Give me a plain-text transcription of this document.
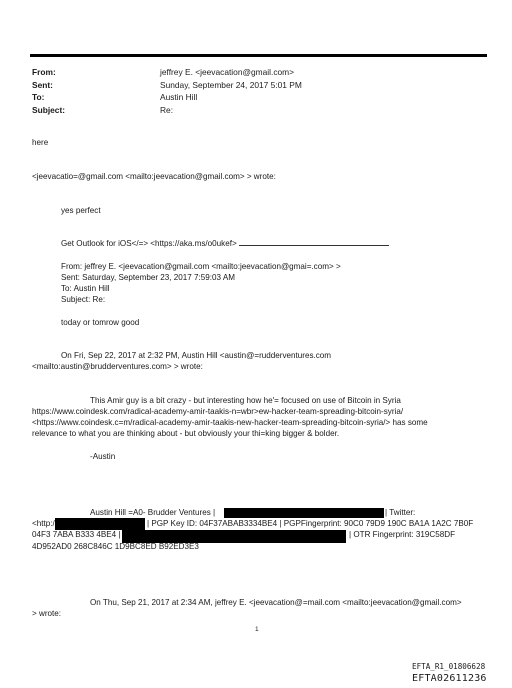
From:	jeffrey E. <jeevacation@gmail.com>
Sent:	Sunday, September 24, 2017 5:01 PM
To:	Austin Hill
Subject:	Re:
here
<jeevacatio=@gmail.com <mailto:jeevacation@gmail.com> > wrote:
yes perfect
Get Outlook for iOS</=> <https://aka.ms/o0ukef>
From: jeffrey E. <jeevacation@gmail.com <mailto:jeevacation@gmai=.com> >
Sent: Saturday, September 23, 2017 7:59:03 AM
To: Austin Hill
Subject: Re:
today or tomrow good
On Fri, Sep 22, 2017 at 2:32 PM, Austin Hill <austin@=rudderventures.com
<mailto:austin@brudderventures.com> > wrote:
This Amir guy is a bit crazy - but interesting how he'= focused on use of Bitcoin in Syria
https://www.coindesk.com/radical-academy-amir-taakis-n=wbr>ew-hacker-team-spreading-bitcoin-syria/
<https://www.coindesk.c=m/radical-academy-amir-taakis-new-hacker-team-spreading-bitcoin-syria/> has some
relevance to what you are thinking about - but obviously your thi=king bigger & bolder.
-Austin
Austin Hill =A0- Brudder Ventures |	| Twitter:
<http:/	| PGP Key ID: 04F37ABAB3334BE4 | PGPFingerprint: 90C0 79D9 190C BA1A 1A2C 7B0F
04F3 7ABA B333 4BE4 |	| OTR Fingerprint: 319C58DF
4D952AD0 268C846C 1D9BC8ED B92ED3E3
On Thu, Sep 21, 2017 at 2:34 AM, jeffrey E. <jeevacation@=mail.com <mailto:jeevacation@gmail.com>
> wrote:
1
EFTA_R1_01806628
EFTA02611236
